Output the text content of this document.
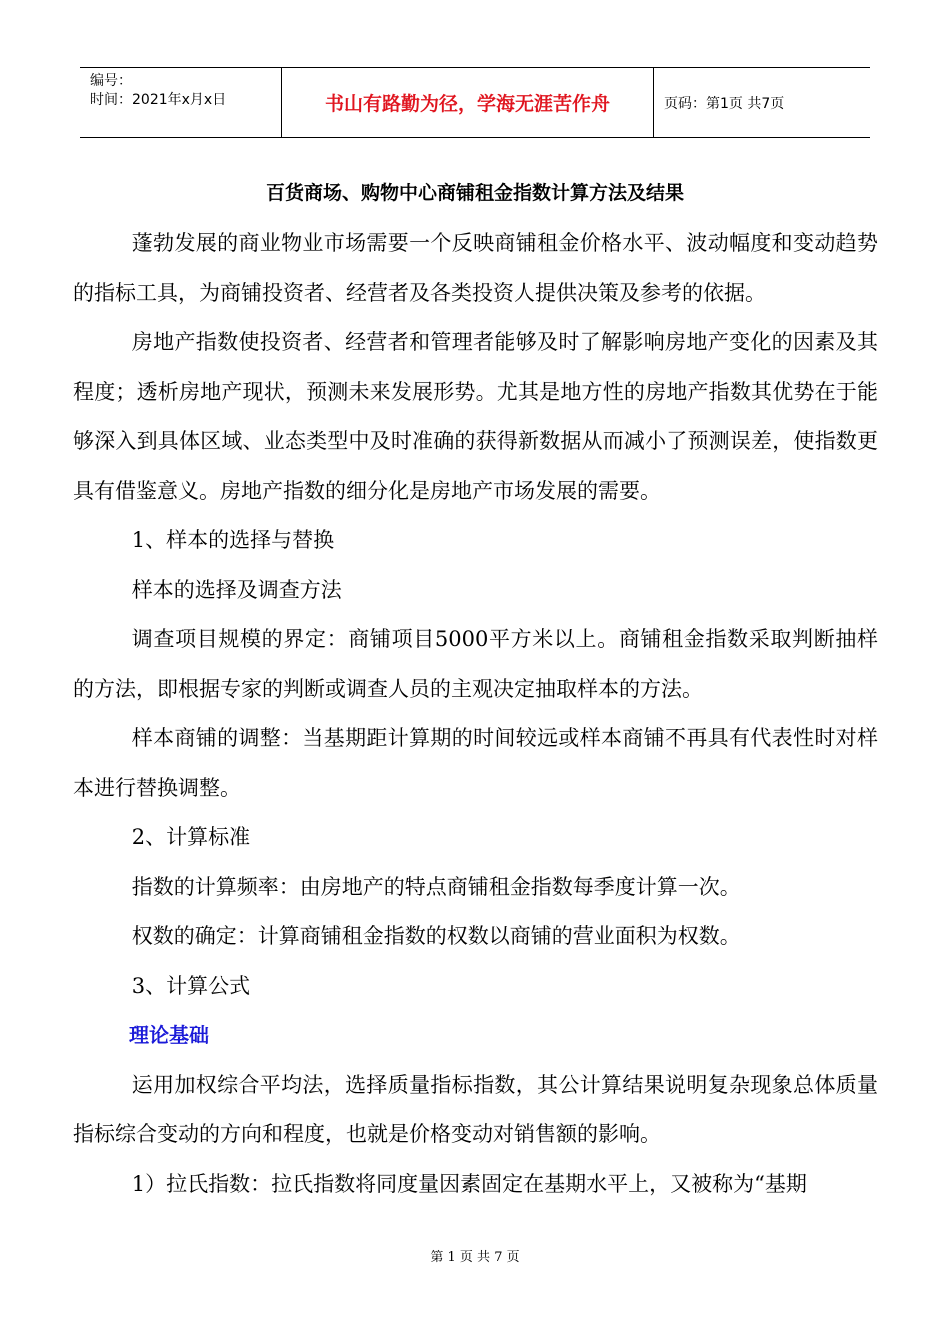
编号：
时间：2021年x月x日	书山有路勤为径，学海无涯苦作舟	页码：第1页 共7页
百货商场、购物中心商铺租金指数计算方法及结果

蓬勃发展的商业物业市场需要一个反映商铺租金价格水平、波动幅度和变动趋势的指标工具，为商铺投资者、经营者及各类投资人提供决策及参考的依据。

房地产指数使投资者、经营者和管理者能够及时了解影响房地产变化的因素及其程度；透析房地产现状，预测未来发展形势。尤其是地方性的房地产指数其优势在于能够深入到具体区域、业态类型中及时准确的获得新数据从而减小了预测误差，使指数更具有借鉴意义。房地产指数的细分化是房地产市场发展的需要。

1、样本的选择与替换

样本的选择及调查方法

调查项目规模的界定：商铺项目5000平方米以上。商铺租金指数采取判断抽样的方法，即根据专家的判断或调查人员的主观决定抽取样本的方法。

样本商铺的调整：当基期距计算期的时间较远或样本商铺不再具有代表性时对样本进行替换调整。

2、计算标准

指数的计算频率：由房地产的特点商铺租金指数每季度计算一次。

权数的确定：计算商铺租金指数的权数以商铺的营业面积为权数。

3、计算公式

理论基础

运用加权综合平均法，选择质量指标指数，其公计算结果说明复杂现象总体质量指标综合变动的方向和程度，也就是价格变动对销售额的影响。

1）拉氏指数：拉氏指数将同度量因素固定在基期水平上，又被称为“基期

第 1 页 共 7 页
